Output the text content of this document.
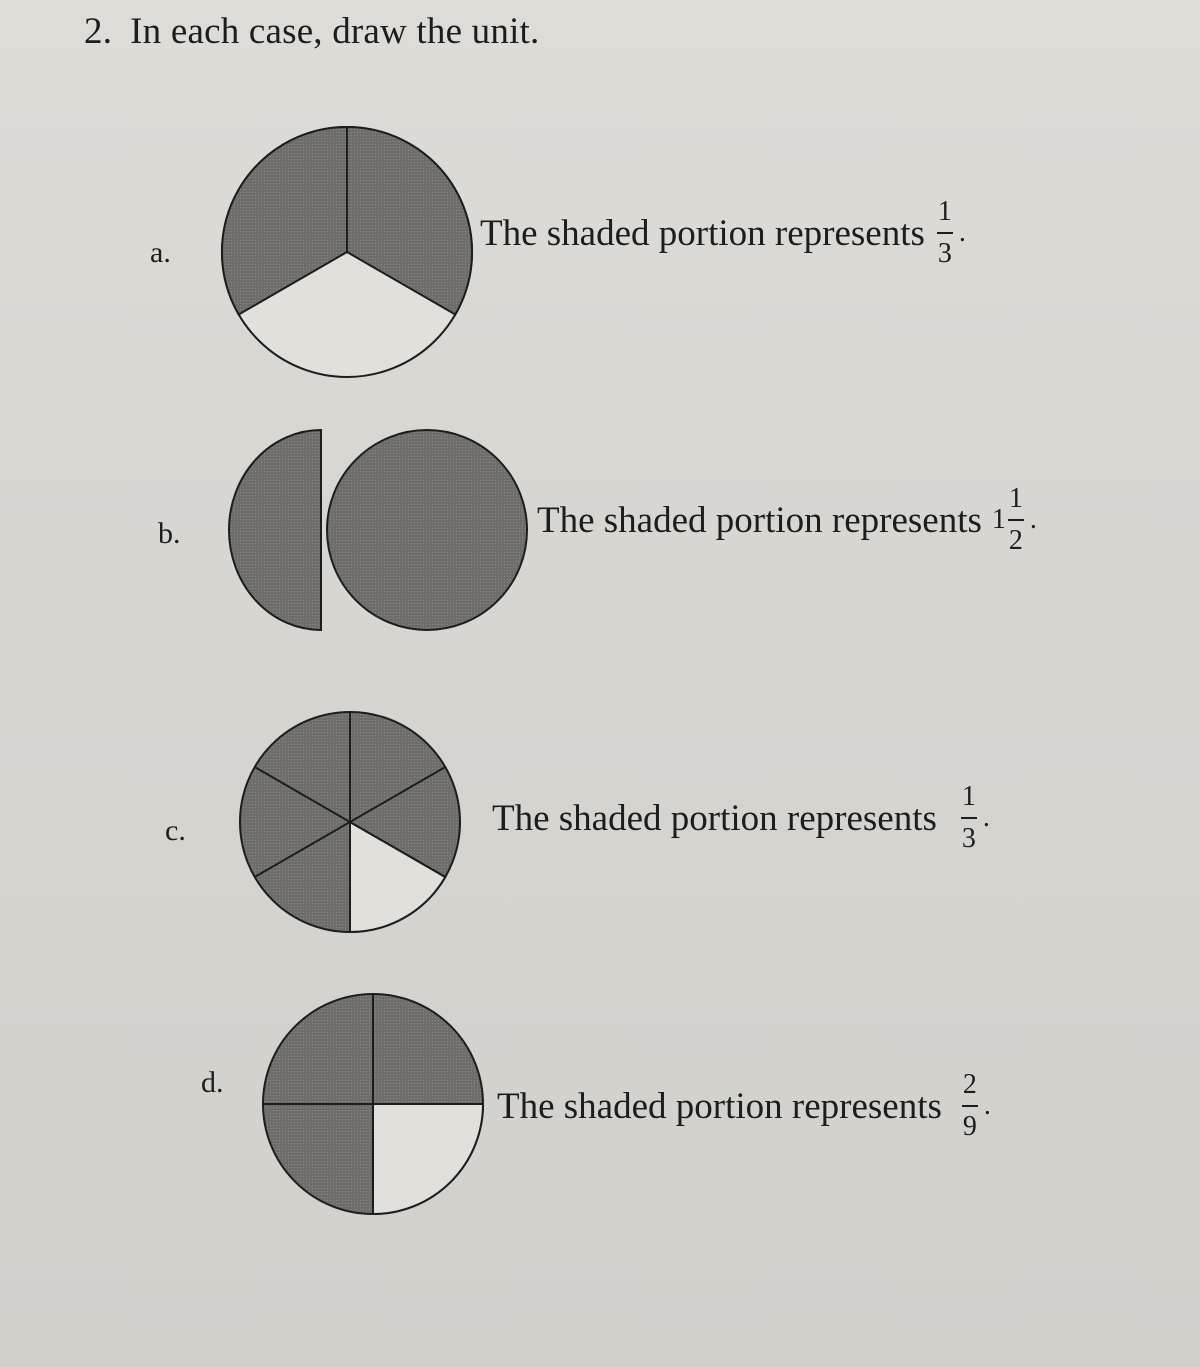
2. In each case, draw the unit.
a.
b.
c.
d.
The shaded portion represents $\frac{1}{3}$ .
The shaded portion represents $1 \frac{1}{2}$ .
The shaded portion represents $\frac{1}{3}$ .
The shaded portion represents $\frac{2}{9}$ .
